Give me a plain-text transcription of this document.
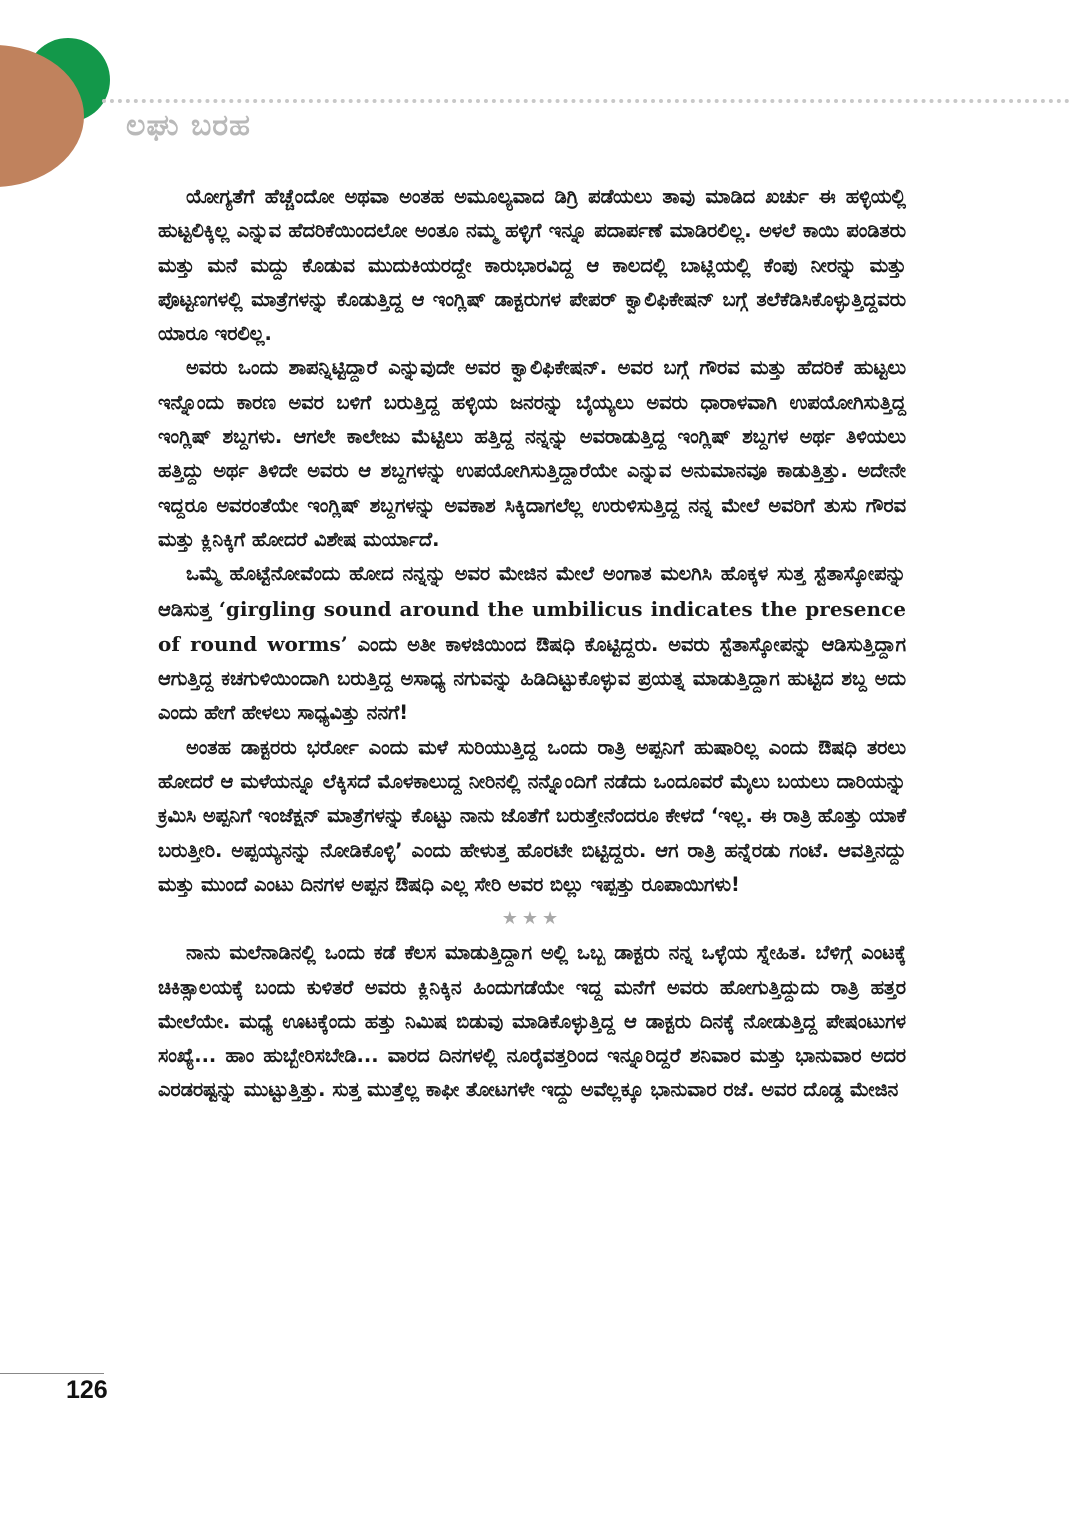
ಲಘು ಬರಹ

ಯೋಗ್ಯತೆಗೆ ಹೆಚ್ಚೆಂದೋ ಅಥವಾ ಅಂತಹ ಅಮೂಲ್ಯವಾದ ಡಿಗ್ರಿ ಪಡೆಯಲು ತಾವು ಮಾಡಿದ ಖರ್ಚು ಈ ಹಳ್ಳಿಯಲ್ಲಿ ಹುಟ್ಟಲಿಕ್ಕಿಲ್ಲ ಎನ್ನುವ ಹೆದರಿಕೆಯಿಂದಲೋ ಅಂತೂ ನಮ್ಮ ಹಳ್ಳಿಗೆ ಇನ್ನೂ ಪದಾರ್ಪಣೆ ಮಾಡಿರಲಿಲ್ಲ. ಅಳಲೆ ಕಾಯಿ ಪಂಡಿತರು ಮತ್ತು ಮನೆ ಮದ್ದು ಕೊಡುವ ಮುದುಕಿಯರದ್ದೇ ಕಾರುಭಾರವಿದ್ದ ಆ ಕಾಲದಲ್ಲಿ ಬಾಟ್ಲಿಯಲ್ಲಿ ಕೆಂಪು ನೀರನ್ನು ಮತ್ತು ಪೊಟ್ಟಣಗಳಲ್ಲಿ ಮಾತ್ರೆಗಳನ್ನು ಕೊಡುತ್ತಿದ್ದ ಆ ಇಂಗ್ಲಿಷ್ ಡಾಕ್ಟರುಗಳ ಪೇಪರ್ ಕ್ವಾಲಿಫಿಕೇಷನ್ ಬಗ್ಗೆ ತಲೆಕೆಡಿಸಿಕೊಳ್ಳುತ್ತಿದ್ದವರು ಯಾರೂ ಇರಲಿಲ್ಲ.

ಅವರು ಒಂದು ಶಾಪನ್ನಿಟ್ಟಿದ್ದಾರೆ ಎನ್ನುವುದೇ ಅವರ ಕ್ವಾಲಿಫಿಕೇಷನ್. ಅವರ ಬಗ್ಗೆ ಗೌರವ ಮತ್ತು ಹೆದರಿಕೆ ಹುಟ್ಟಲು ಇನ್ನೊಂದು ಕಾರಣ ಅವರ ಬಳಿಗೆ ಬರುತ್ತಿದ್ದ ಹಳ್ಳಿಯ ಜನರನ್ನು ಬೈಯ್ಯಲು ಅವರು ಧಾರಾಳವಾಗಿ ಉಪಯೋಗಿಸುತ್ತಿದ್ದ ಇಂಗ್ಲಿಷ್ ಶಬ್ದಗಳು. ಆಗಲೇ ಕಾಲೇಜು ಮೆಟ್ಟಿಲು ಹತ್ತಿದ್ದ ನನ್ನನ್ನು ಅವರಾಡುತ್ತಿದ್ದ ಇಂಗ್ಲಿಷ್ ಶಬ್ದಗಳ ಅರ್ಥ ತಿಳಿಯಲು ಹತ್ತಿದ್ದು ಅರ್ಥ ತಿಳಿದೇ ಅವರು ಆ ಶಬ್ದಗಳನ್ನು ಉಪಯೋಗಿಸುತ್ತಿದ್ದಾರೆಯೇ ಎನ್ನುವ ಅನುಮಾನವೂ ಕಾಡುತ್ತಿತ್ತು. ಅದೇನೇ ಇದ್ದರೂ ಅವರಂತೆಯೇ ಇಂಗ್ಲಿಷ್ ಶಬ್ದಗಳನ್ನು ಅವಕಾಶ ಸಿಕ್ಕಿದಾಗಲೆಲ್ಲ ಉರುಳಿಸುತ್ತಿದ್ದ ನನ್ನ ಮೇಲೆ ಅವರಿಗೆ ತುಸು ಗೌರವ ಮತ್ತು ಕ್ಲಿನಿಕ್ಕಿಗೆ ಹೋದರೆ ವಿಶೇಷ ಮರ್ಯಾದೆ.

ಒಮ್ಮೆ ಹೊಟ್ಟೆನೋವೆಂದು ಹೋದ ನನ್ನನ್ನು ಅವರ ಮೇಜಿನ ಮೇಲೆ ಅಂಗಾತ ಮಲಗಿಸಿ ಹೊಕ್ಕಳ ಸುತ್ತ ಸ್ಟೆತಾಸ್ಕೋಪನ್ನು ಆಡಿಸುತ್ತ ‘girgling sound around the umbilicus indicates the presence of round worms’ ಎಂದು ಅತೀ ಕಾಳಜಿಯಿಂದ ಔಷಧಿ ಕೊಟ್ಟಿದ್ದರು. ಅವರು ಸ್ಟೆತಾಸ್ಕೋಪನ್ನು ಆಡಿಸುತ್ತಿದ್ದಾಗ ಆಗುತ್ತಿದ್ದ ಕಚಗುಳಿಯಿಂದಾಗಿ ಬರುತ್ತಿದ್ದ ಅಸಾಧ್ಯ ನಗುವನ್ನು ಹಿಡಿದಿಟ್ಟುಕೊಳ್ಳುವ ಪ್ರಯತ್ನ ಮಾಡುತ್ತಿದ್ದಾಗ ಹುಟ್ಟಿದ ಶಬ್ದ ಅದು ಎಂದು ಹೇಗೆ ಹೇಳಲು ಸಾಧ್ಯವಿತ್ತು ನನಗೆ!

ಅಂತಹ ಡಾಕ್ಟರರು ಭರ್ರೋ ಎಂದು ಮಳೆ ಸುರಿಯುತ್ತಿದ್ದ ಒಂದು ರಾತ್ರಿ ಅಪ್ಪನಿಗೆ ಹುಷಾರಿಲ್ಲ ಎಂದು ಔಷಧಿ ತರಲು ಹೋದರೆ ಆ ಮಳೆಯನ್ನೂ ಲೆಕ್ಕಿಸದೆ ಮೊಳಕಾಲುದ್ದ ನೀರಿನಲ್ಲಿ ನನ್ನೊಂದಿಗೆ ನಡೆದು ಒಂದೂವರೆ ಮೈಲು ಬಯಲು ದಾರಿಯನ್ನು ಕ್ರಮಿಸಿ ಅಪ್ಪನಿಗೆ ಇಂಜೆಕ್ಷನ್ ಮಾತ್ರೆಗಳನ್ನು ಕೊಟ್ಟು ನಾನು ಜೊತೆಗೆ ಬರುತ್ತೇನೆಂದರೂ ಕೇಳದೆ ‘ಇಲ್ಲ. ಈ ರಾತ್ರಿ ಹೊತ್ತು ಯಾಕೆ ಬರುತ್ತೀರಿ. ಅಪ್ಪಯ್ಯನನ್ನು ನೋಡಿಕೊಳ್ಳಿ’ ಎಂದು ಹೇಳುತ್ತ ಹೊರಟೇ ಬಿಟ್ಟಿದ್ದರು. ಆಗ ರಾತ್ರಿ ಹನ್ನೆರಡು ಗಂಟೆ. ಆವತ್ತಿನದ್ದು ಮತ್ತು ಮುಂದೆ ಎಂಟು ದಿನಗಳ ಅಪ್ಪನ ಔಷಧಿ ಎಲ್ಲ ಸೇರಿ ಅವರ ಬಿಲ್ಲು ಇಪ್ಪತ್ತು ರೂಪಾಯಿಗಳು!

★★★

ನಾನು ಮಲೆನಾಡಿನಲ್ಲಿ ಒಂದು ಕಡೆ ಕೆಲಸ ಮಾಡುತ್ತಿದ್ದಾಗ ಅಲ್ಲಿ ಒಬ್ಬ ಡಾಕ್ಟರು ನನ್ನ ಒಳ್ಳೆಯ ಸ್ನೇಹಿತ. ಬೆಳಿಗ್ಗೆ ಎಂಟಕ್ಕೆ ಚಿಕಿತ್ಸಾಲಯಕ್ಕೆ ಬಂದು ಕುಳಿತರೆ ಅವರು ಕ್ಲಿನಿಕ್ಕಿನ ಹಿಂದುಗಡೆಯೇ ಇದ್ದ ಮನೆಗೆ ಅವರು ಹೋಗುತ್ತಿದ್ದುದು ರಾತ್ರಿ ಹತ್ತರ ಮೇಲೆಯೇ. ಮಧ್ಯೆ ಊಟಕ್ಕೆಂದು ಹತ್ತು ನಿಮಿಷ ಬಿಡುವು ಮಾಡಿಕೊಳ್ಳುತ್ತಿದ್ದ ಆ ಡಾಕ್ಟರು ದಿನಕ್ಕೆ ನೋಡುತ್ತಿದ್ದ ಪೇಷಂಟುಗಳ ಸಂಖ್ಯೆ... ಹಾಂ ಹುಬ್ಬೇರಿಸಬೇಡಿ... ವಾರದ ದಿನಗಳಲ್ಲಿ ನೂರೈವತ್ತರಿಂದ ಇನ್ನೂರಿದ್ದರೆ ಶನಿವಾರ ಮತ್ತು ಭಾನುವಾರ ಅದರ ಎರಡರಷ್ಟನ್ನು ಮುಟ್ಟುತ್ತಿತ್ತು. ಸುತ್ತ ಮುತ್ತೆಲ್ಲ ಕಾಫೀ ತೋಟಗಳೇ ಇದ್ದು ಅವೆಲ್ಲಕ್ಕೂ ಭಾನುವಾರ ರಜೆ. ಅವರ ದೊಡ್ಡ ಮೇಜಿನ

126
